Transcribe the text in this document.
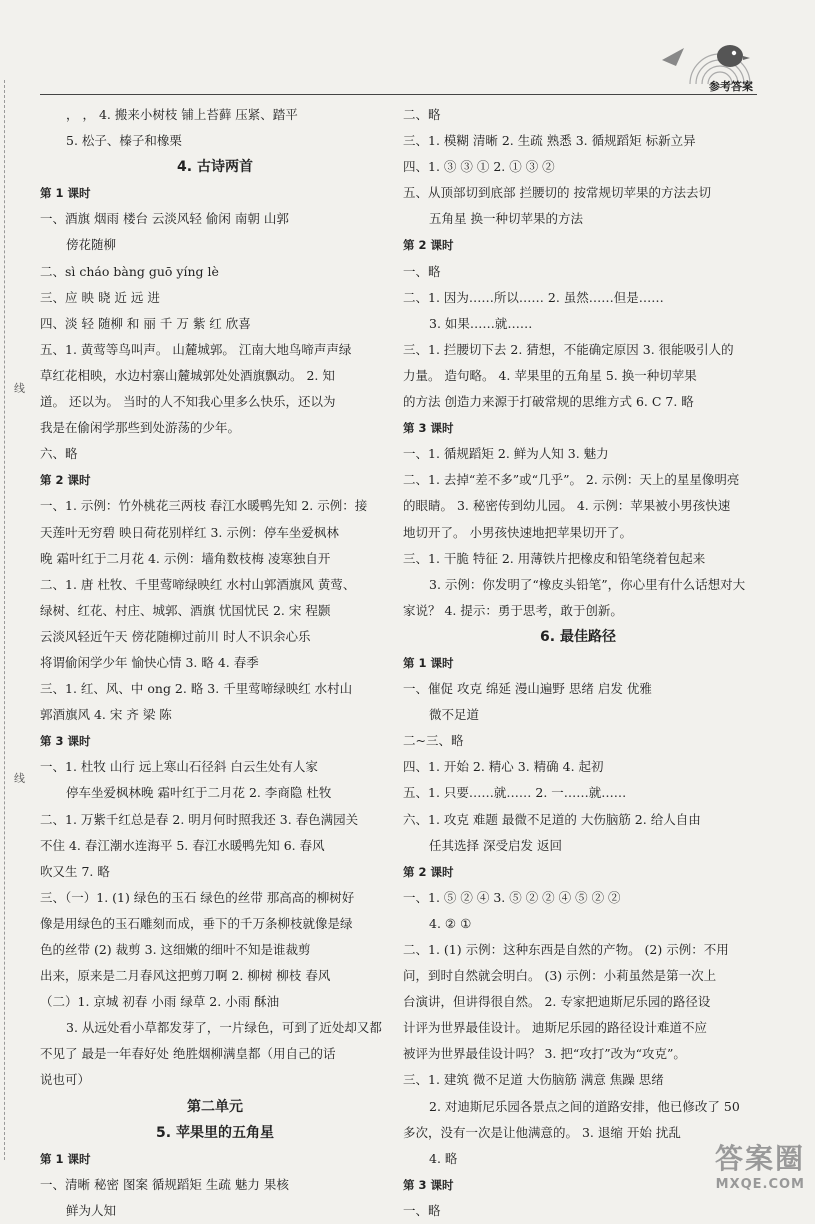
线
线
参考答案
， ， 4. 搬来小树枝 铺上苔藓 压紧、踏平
5. 松子、榛子和橡栗
4. 古诗两首
第 1 课时
一、酒旗 烟雨 楼台 云淡风轻 偷闲 南朝 山郭
傍花随柳
二、sì cháo bàng guō yíng lè
三、应 映 晓 近 远 进
四、淡 轻 随柳 和 丽 千 万 紫 红 欣喜
五、1. 黄莺等鸟叫声。 山麓城郭。 江南大地鸟啼声声绿
草红花相映，水边村寨山麓城郭处处酒旗飘动。 2. 知
道。 还以为。 当时的人不知我心里多么快乐，还以为
我是在偷闲学那些到处游荡的少年。
六、略
第 2 课时
一、1. 示例：竹外桃花三两枝 春江水暖鸭先知 2. 示例：接
天莲叶无穷碧 映日荷花别样红 3. 示例：停车坐爱枫林
晚 霜叶红于二月花 4. 示例：墙角数枝梅 凌寒独自开
二、1. 唐 杜牧、千里莺啼绿映红 水村山郭酒旗风 黄莺、
绿树、红花、村庄、城郭、酒旗 忧国忧民 2. 宋 程颢
云淡风轻近午天 傍花随柳过前川 时人不识余心乐
将谓偷闲学少年 愉快心情 3. 略 4. 春季
三、1. 红、风、中 ong 2. 略 3. 千里莺啼绿映红 水村山
郭酒旗风 4. 宋 齐 梁 陈
第 3 课时
一、1. 杜牧 山行 远上寒山石径斜 白云生处有人家
停车坐爱枫林晚 霜叶红于二月花 2. 李商隐 杜牧
二、1. 万紫千红总是春 2. 明月何时照我还 3. 春色满园关
不住 4. 春江潮水连海平 5. 春江水暖鸭先知 6. 春风
吹又生 7. 略
三、（一）1. (1) 绿色的玉石 绿色的丝带 那高高的柳树好
像是用绿色的玉石雕刻而成，垂下的千万条柳枝就像是绿
色的丝带 (2) 裁剪 3. 这细嫩的细叶不知是谁裁剪
出来，原来是二月春风这把剪刀啊 2. 柳树 柳枝 春风
（二）1. 京城 初春 小雨 绿草 2. 小雨 酥油
3. 从远处看小草都发芽了，一片绿色，可到了近处却又都
不见了 最是一年春好处 绝胜烟柳满皇都（用自己的话
说也可）
第二单元
5. 苹果里的五角星
第 1 课时
一、清晰 秘密 图案 循规蹈矩 生疏 魅力 果核
鲜为人知
二、略
三、1. 模糊 清晰 2. 生疏 熟悉 3. 循规蹈矩 标新立异
四、1. ③ ③ ① 2. ① ③ ②
五、从顶部切到底部 拦腰切的 按常规切苹果的方法去切
五角星 换一种切苹果的方法
第 2 课时
一、略
二、1. 因为……所以…… 2. 虽然……但是……
3. 如果……就……
三、1. 拦腰切下去 2. 猜想，不能确定原因 3. 很能吸引人的
力量。 造句略。 4. 苹果里的五角星 5. 换一种切苹果
的方法 创造力来源于打破常规的思维方式 6. C 7. 略
第 3 课时
一、1. 循规蹈矩 2. 鲜为人知 3. 魅力
二、1. 去掉“差不多”或“几乎”。 2. 示例：天上的星星像明亮
的眼睛。 3. 秘密传到幼儿园。 4. 示例：苹果被小男孩快速
地切开了。 小男孩快速地把苹果切开了。
三、1. 干脆 特征 2. 用薄铁片把橡皮和铅笔绕着包起来
3. 示例：你发明了“橡皮头铅笔”，你心里有什么话想对大
家说？ 4. 提示：勇于思考，敢于创新。
6. 最佳路径
第 1 课时
一、催促 攻克 绵延 漫山遍野 思绪 启发 优雅
微不足道
二~三、略
四、1. 开始 2. 精心 3. 精确 4. 起初
五、1. 只要……就…… 2. 一……就……
六、1. 攻克 难题 最微不足道的 大伤脑筋 2. 给人自由
任其选择 深受启发 返回
第 2 课时
一、1. ⑤ ② ④ 3. ⑤ ② ② ④ ⑤ ② ②
4. ② ①
二、1. (1) 示例：这种东西是自然的产物。 (2) 示例：不用
问，到时自然就会明白。 (3) 示例：小莉虽然是第一次上
台演讲，但讲得很自然。 2. 专家把迪斯尼乐园的路径设
计评为世界最佳设计。 迪斯尼乐园的路径设计难道不应
被评为世界最佳设计吗？ 3. 把“攻打”改为“攻克”。
三、1. 建筑 微不足道 大伤脑筋 满意 焦躁 思绪
2. 对迪斯尼乐园各景点之间的道路安排，他已修改了 50
多次，没有一次是让他满意的。 3. 退缩 开始 扰乱
4. 略
第 3 课时
一、略
答案圈
MXQE.COM
